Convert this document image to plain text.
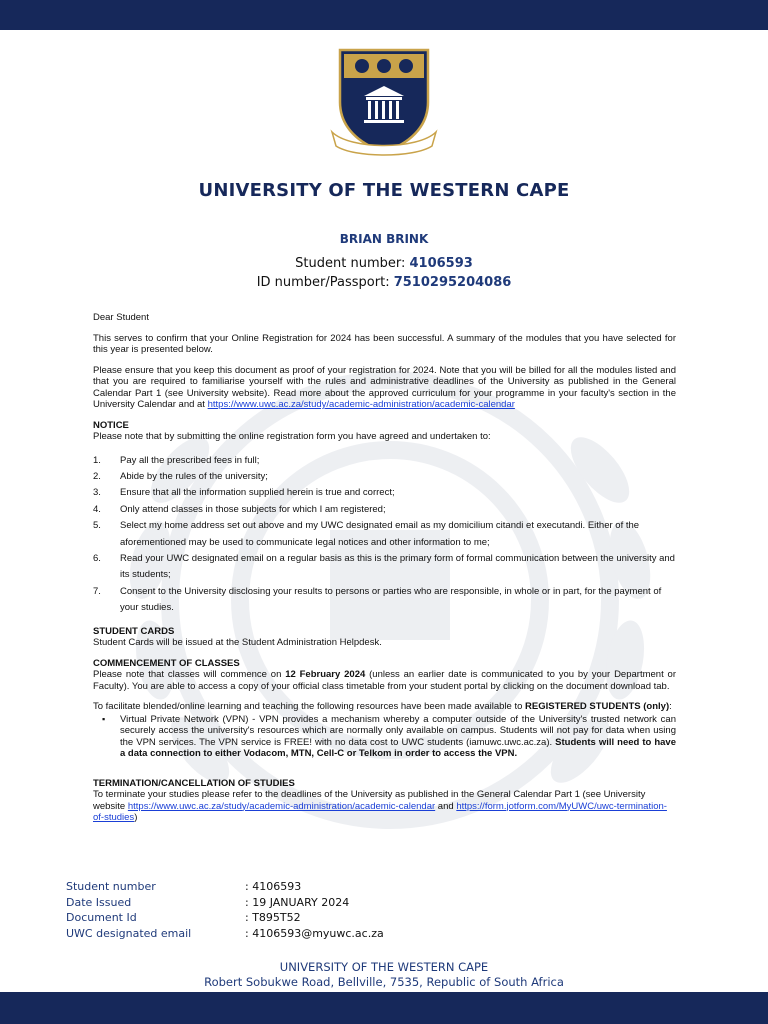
UNIVERSITY OF THE WESTERN CAPE
BRIAN BRINK
Student number: 4106593
ID number/Passport: 7510295204086

Dear Student

This serves to confirm that your Online Registration for 2024 has been successful. A summary of the modules that you have selected for this year is presented below.

Please ensure that you keep this document as proof of your registration for 2024. Note that you will be billed for all the modules listed and that you are required to familiarise yourself with the rules and administrative deadlines of the University as published in the General Calendar Part 1 (see University website). Read more about the approved curriculum for your programme in your faculty's section in the University Calendar and at https://www.uwc.ac.za/study/academic-administration/academic-calendar

NOTICE

Please note that by submitting the online registration form you have agreed and undertaken to:

1. Pay all the prescribed fees in full;
2. Abide by the rules of the university;
3. Ensure that all the information supplied herein is true and correct;
4. Only attend classes in those subjects for which I am registered;
5. Select my home address set out above and my UWC designated email as my domicilium citandi et executandi. Either of the aforementioned may be used to communicate legal notices and other information to me;
6. Read your UWC designated email on a regular basis as this is the primary form of formal communication between the university and its students;
7. Consent to the University disclosing your results to persons or parties who are responsible, in whole or in part, for the payment of your studies.

STUDENT CARDS

Student Cards will be issued at the Student Administration Helpdesk.

COMMENCEMENT OF CLASSES

Please note that classes will commence on 12 February 2024 (unless an earlier date is communicated to you by your Department or Faculty). You are able to access a copy of your official class timetable from your student portal by clicking on the document download tab.

To facilitate blended/online learning and teaching the following resources have been made available to REGISTERED STUDENTS (only):

▪ Virtual Private Network (VPN) - VPN provides a mechanism whereby a computer outside of the University's trusted network can securely access the university's resources which are normally only available on campus. Students will not pay for data when using the VPN services. The VPN service is FREE! with no data cost to UWC students (iamuwc.uwc.ac.za). Students will need to have a data connection to either Vodacom, MTN, Cell-C or Telkom in order to access the VPN.

TERMINATION/CANCELLATION OF STUDIES

To terminate your studies please refer to the deadlines of the University as published in the General Calendar Part 1 (see University website https://www.uwc.ac.za/study/academic-administration/academic-calendar and https://form.jotform.com/MyUWC/uwc-termination-of-studies)

Student number	: 4106593
Date Issued	: 19 JANUARY 2024
Document Id	: T895T52
UWC designated email	: 4106593@myuwc.ac.za
UNIVERSITY OF THE WESTERN CAPE
Robert Sobukwe Road, Bellville, 7535, Republic of South Africa
